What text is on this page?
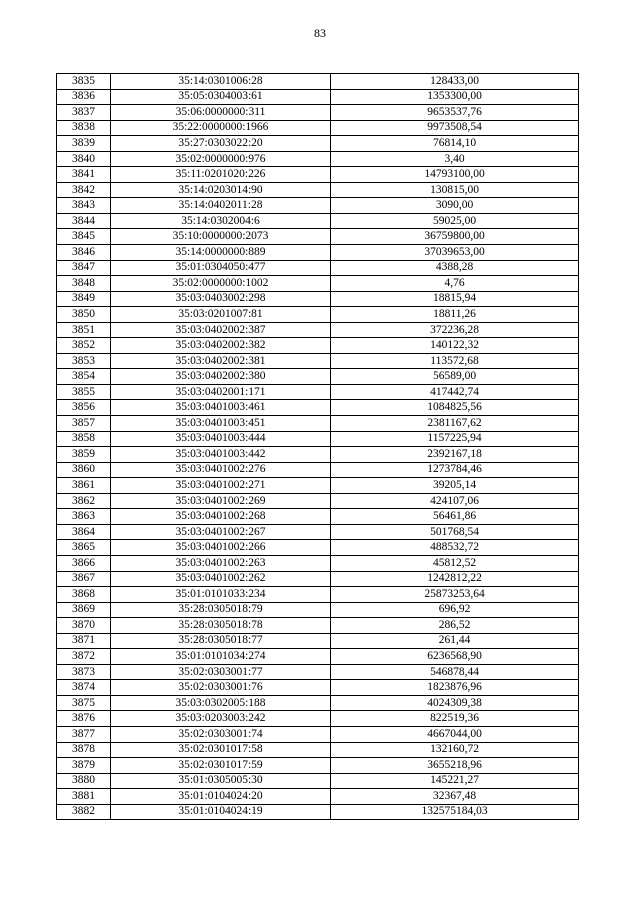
83
3835	35:14:0301006:28	128433,00
3836	35:05:0304003:61	1353300,00
3837	35:06:0000000:311	9653537,76
3838	35:22:0000000:1966	9973508,54
3839	35:27:0303022:20	76814,10
3840	35:02:0000000:976	3,40
3841	35:11:0201020:226	14793100,00
3842	35:14:0203014:90	130815,00
3843	35:14:0402011:28	3090,00
3844	35:14:0302004:6	59025,00
3845	35:10:0000000:2073	36759800,00
3846	35:14:0000000:889	37039653,00
3847	35:01:0304050:477	4388,28
3848	35:02:0000000:1002	4,76
3849	35:03:0403002:298	18815,94
3850	35:03:0201007:81	18811,26
3851	35:03:0402002:387	372236,28
3852	35:03:0402002:382	140122,32
3853	35:03:0402002:381	113572,68
3854	35:03:0402002:380	56589,00
3855	35:03:0402001:171	417442,74
3856	35:03:0401003:461	1084825,56
3857	35:03:0401003:451	2381167,62
3858	35:03:0401003:444	1157225,94
3859	35:03:0401003:442	2392167,18
3860	35:03:0401002:276	1273784,46
3861	35:03:0401002:271	39205,14
3862	35:03:0401002:269	424107,06
3863	35:03:0401002:268	56461,86
3864	35:03:0401002:267	501768,54
3865	35:03:0401002:266	488532,72
3866	35:03:0401002:263	45812,52
3867	35:03:0401002:262	1242812,22
3868	35:01:0101033:234	25873253,64
3869	35:28:0305018:79	696,92
3870	35:28:0305018:78	286,52
3871	35:28:0305018:77	261,44
3872	35:01:0101034:274	6236568,90
3873	35:02:0303001:77	546878,44
3874	35:02:0303001:76	1823876,96
3875	35:03:0302005:188	4024309,38
3876	35:03:0203003:242	822519,36
3877	35:02:0303001:74	4667044,00
3878	35:02:0301017:58	132160,72
3879	35:02:0301017:59	3655218,96
3880	35:01:0305005:30	145221,27
3881	35:01:0104024:20	32367,48
3882	35:01:0104024:19	132575184,03
